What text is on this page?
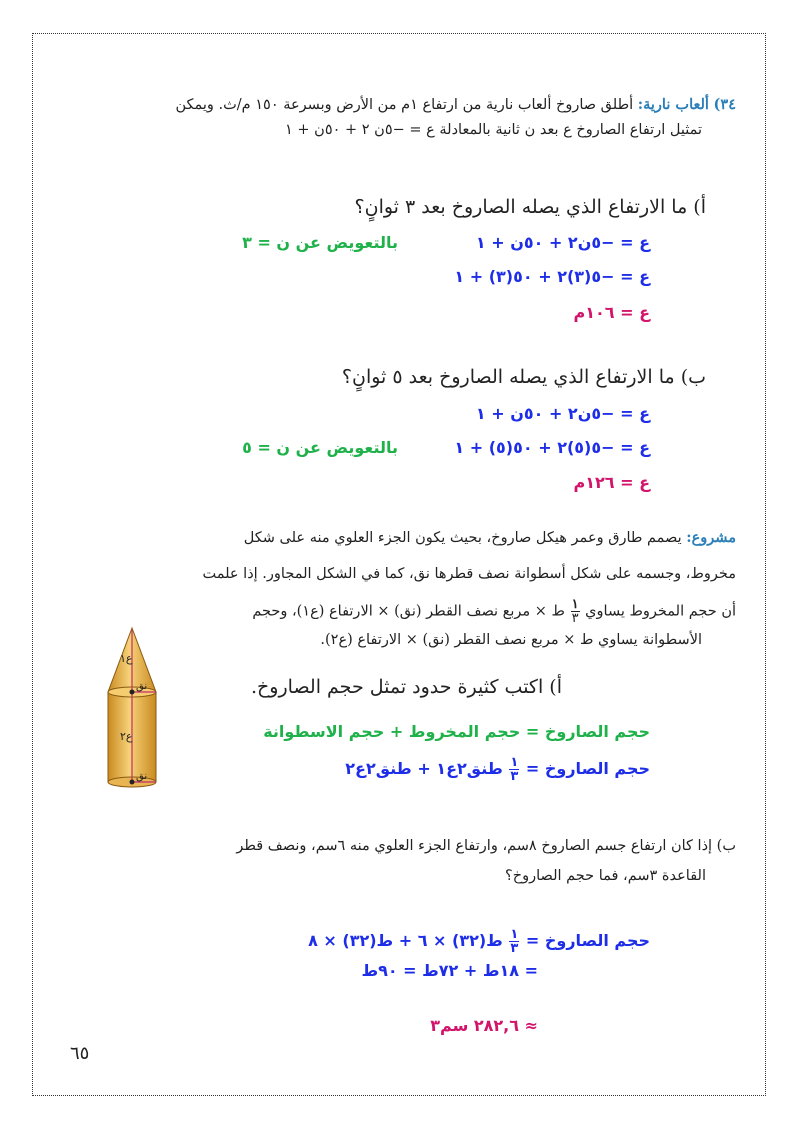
٣٤) ألعاب نارية: أطلق صاروخ ألعاب نارية من ارتفاع ١م من الأرض وبسرعة ١٥٠ م/ث. ويمكن
تمثيل ارتفاع الصاروخ ع بعد ن ثانية بالمعادلة ع = −٥ن ٢ + ٥٠ن + ١
أ) ما الارتفاع الذي يصله الصاروخ بعد ٣ ثوانٍ؟
بالتعويض عن ن = ٣	ع = −٥ن٢ + ٥٠ن + ١
ع = −٥(٣)٢ + ٥٠(٣) + ١
ع = ١٠٦م
ب) ما الارتفاع الذي يصله الصاروخ بعد ٥ ثوانٍ؟
ع = −٥ن٢ + ٥٠ن + ١
بالتعويض عن ن = ٥	ع = −٥(٥)٢ + ٥٠(٥) + ١
ع = ١٢٦م
مشروع: يصمم طارق وعمر هيكل صاروخ، بحيث يكون الجزء العلوي منه على شكل
مخروط، وجسمه على شكل أسطوانة نصف قطرها نق، كما في الشكل المجاور. إذا علمت
أن حجم المخروط يساوي
$\frac{١}{٣}$
ط × مربع نصف القطر (نق) × الارتفاع (ع١)، وحجم
الأسطوانة يساوي ط × مربع نصف القطر (نق) × الارتفاع (ع٢).
ع١
نق
ع٢
نق
أ) اكتب كثيرة حدود تمثل حجم الصاروخ.
حجم الصاروخ = حجم المخروط + حجم الاسطوانة
حجم الصاروخ =
$\frac{١}{٣}$
طنق٢ع١ + طنق٢ع٢
ب) إذا كان ارتفاع جسم الصاروخ ٨سم، وارتفاع الجزء العلوي منه ٦سم، ونصف قطر
القاعدة ٣سم، فما حجم الصاروخ؟
حجم الصاروخ =
$\frac{١}{٣}$
ط(٣٢) × ٦ + ط(٣٢) × ٨
= ١٨ط + ٧٢ط = ٩٠ط
≈ ٢٨٢,٦ سم٣
٦٥
